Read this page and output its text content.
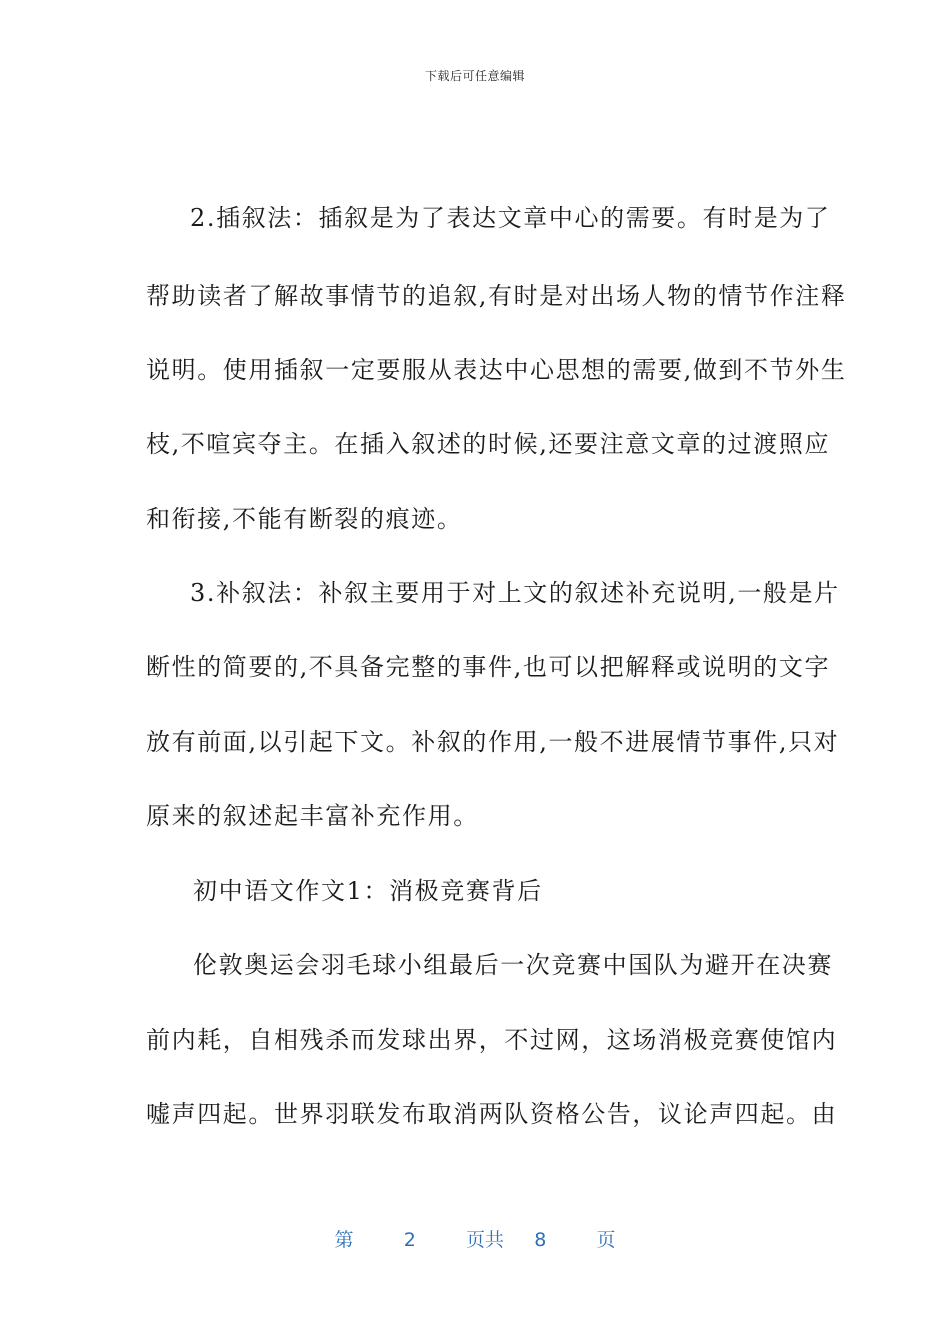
下载后可任意编辑
2.插叙法：插叙是为了表达文章中心的需要。有时是为了
帮助读者了解故事情节的追叙,有时是对出场人物的情节作注释
说明。使用插叙一定要服从表达中心思想的需要,做到不节外生
枝,不喧宾夺主。在插入叙述的时候,还要注意文章的过渡照应
和衔接,不能有断裂的痕迹。
3.补叙法：补叙主要用于对上文的叙述补充说明,一般是片
断性的简要的,不具备完整的事件,也可以把解释或说明的文字
放有前面,以引起下文。补叙的作用,一般不进展情节事件,只对
原来的叙述起丰富补充作用。
初中语文作文1：消极竞赛背后
伦敦奥运会羽毛球小组最后一次竞赛中国队为避开在决赛
前内耗，自相残杀而发球出界，不过网，这场消极竞赛使馆内
嘘声四起。世界羽联发布取消两队资格公告，议论声四起。由
第	2	页共 8	页
